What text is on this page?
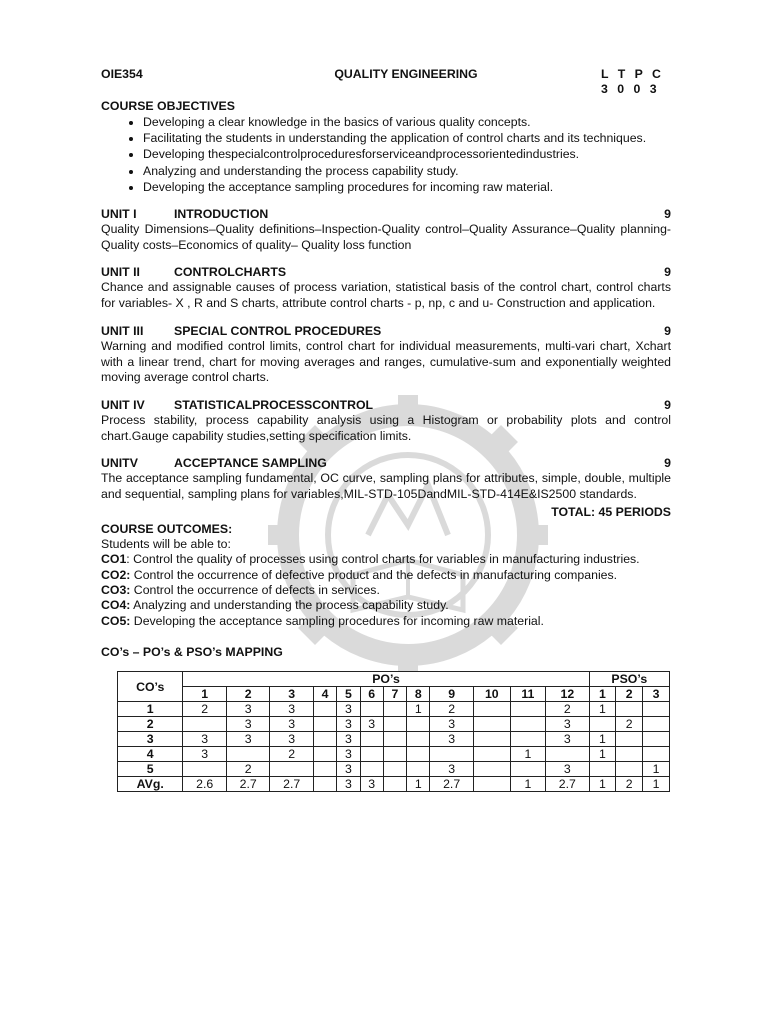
OIE354	QUALITY ENGINEERING	L T P C
3 0 0 3
COURSE OBJECTIVES
• Developing a clear knowledge in the basics of various quality concepts.
• Facilitating the students in understanding the application of control charts and its techniques.
• Developing thespecialcontrolproceduresforserviceandprocessorientedindustries.
• Analyzing and understanding the process capability study.
• Developing the acceptance sampling procedures for incoming raw material.
UNIT I	INTRODUCTION	9
Quality Dimensions–Quality definitions–Inspection-Quality control–Quality Assurance–Quality planning-Quality costs–Economics of quality– Quality loss function
UNIT II	CONTROLCHARTS	9
Chance and assignable causes of process variation, statistical basis of the control chart, control charts for variables- X , R and S charts, attribute control charts - p, np, c and u- Construction and application.
UNIT III	SPECIAL CONTROL PROCEDURES	9
Warning and modified control limits, control chart for individual measurements, multi-vari chart, Xchart with a linear trend, chart for moving averages and ranges, cumulative-sum and exponentially weighted moving average control charts.
UNIT IV	STATISTICALPROCESSCONTROL	9
Process stability, process capability analysis using a Histogram or probability plots and control chart.Gauge capability studies,setting specification limits.
UNITV	ACCEPTANCE SAMPLING	9
The acceptance sampling fundamental, OC curve, sampling plans for attributes, simple, double, multiple and sequential, sampling plans for variables,MIL-STD-105DandMIL-STD-414E&IS2500 standards.
TOTAL: 45 PERIODS
COURSE OUTCOMES:
Students will be able to:
CO1: Control the quality of processes using control charts for variables in manufacturing industries.
CO2: Control the occurrence of defective product and the defects in manufacturing companies.
CO3: Control the occurrence of defects in services.
CO4: Analyzing and understanding the process capability study.
CO5: Developing the acceptance sampling procedures for incoming raw material.
CO’s – PO’s & PSO’s MAPPING
CO’s	PO’s												PSO’s		
	1	2	3	4	5	6	7	8	9	10	11	12	1	2	3
1	2	3	3		3			1	2			2	1		
2		3	3		3	3			3			3		2	
3	3	3	3		3				3			3	1		
4	3		2		3						1		1		
5		2			3				3			3			1
AVg.	2.6	2.7	2.7		3	3		1	2.7		1	2.7	1	2	1
